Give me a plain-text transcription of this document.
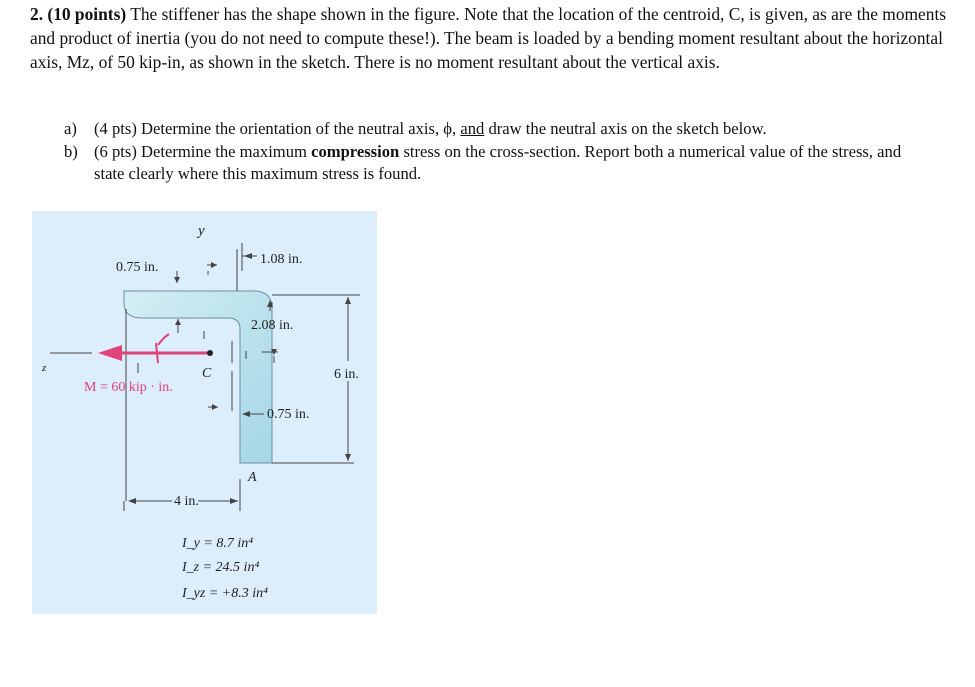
2. (10 points) The stiffener has the shape shown in the figure. Note that the location of the centroid, C, is given, as are the moments and product of inertia (you do not need to compute these!). The beam is loaded by a bending moment resultant about the horizontal axis, Mz, of 50 kip-in, as shown in the sketch. There is no moment resultant about the vertical axis.
a)	(4 pts) Determine the orientation of the neutral axis, ϕ, and draw the neutral axis on the sketch below.
b) (6 pts) Determine the maximum compression stress on the cross-section. Report both a numerical value of the stress, and state clearly where this maximum stress is found.
y
z
0.75 in.
1.08 in.
2.08 in.
6 in.
0.75 in.
4 in.
C
A
M = 60 kip · in.
I_y = 8.7 in⁴
I_z = 24.5 in⁴
I_yz = +8.3 in⁴
